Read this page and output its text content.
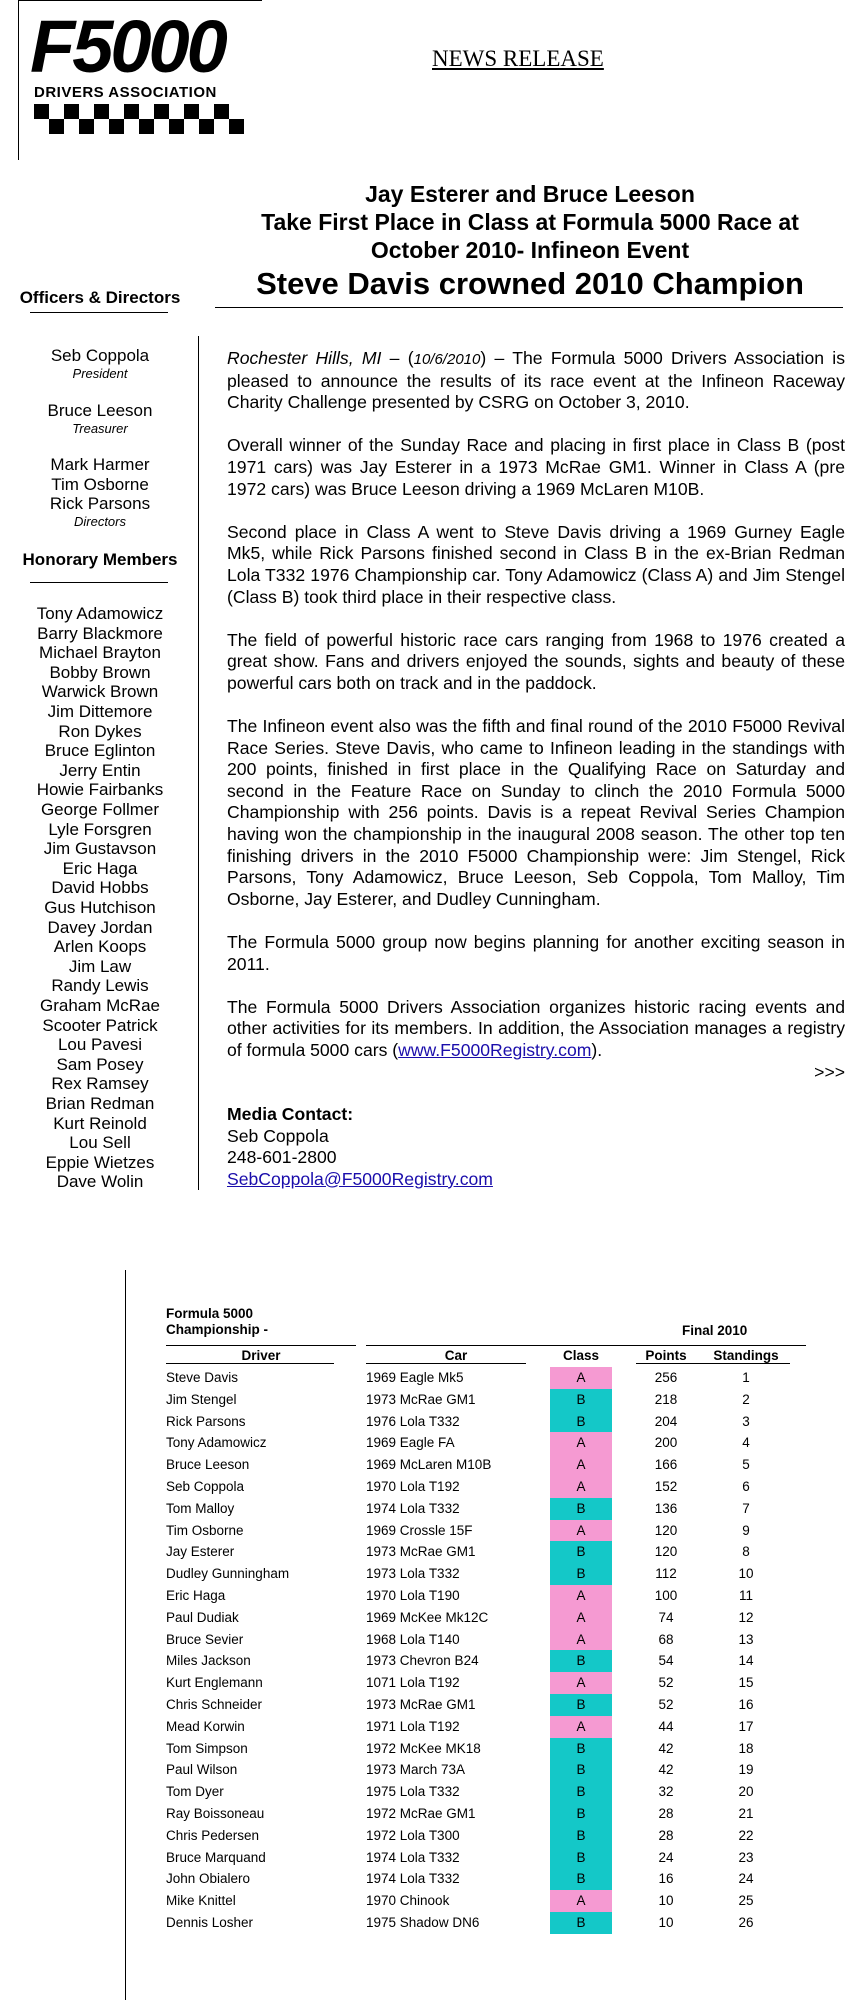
F5000
DRIVERS ASSOCIATION
NEWS RELEASE
Jay Esterer and Bruce Leeson
Take First Place in Class at Formula 5000 Race at
October 2010- Infineon Event
Steve Davis crowned 2010 Champion
Officers & Directors
Seb Coppola
President
Bruce Leeson
Treasurer
Mark Harmer
Tim Osborne
Rick Parsons
Directors
Honorary Members
Tony Adamowicz
Barry Blackmore
Michael Brayton
Bobby Brown
Warwick Brown
Jim Dittemore
Ron Dykes
Bruce Eglinton
Jerry Entin
Howie Fairbanks
George Follmer
Lyle Forsgren
Jim Gustavson
Eric Haga
David Hobbs
Gus Hutchison
Davey Jordan
Arlen Koops
Jim Law
Randy Lewis
Graham McRae
Scooter Patrick
Lou Pavesi
Sam Posey
Rex Ramsey
Brian Redman
Kurt Reinold
Lou Sell
Eppie Wietzes
Dave Wolin

Rochester Hills, MI – (10/6/2010) – The Formula 5000 Drivers Association is pleased to announce the results of its race event at the Infineon Raceway Charity Challenge presented by CSRG on October 3, 2010.

Overall winner of the Sunday Race and placing in first place in Class B (post 1971 cars) was Jay Esterer in a 1973 McRae GM1. Winner in Class A (pre 1972 cars) was Bruce Leeson driving a 1969 McLaren M10B.

Second place in Class A went to Steve Davis driving a 1969 Gurney Eagle Mk5, while Rick Parsons finished second in Class B in the ex-Brian Redman Lola T332 1976 Championship car. Tony Adamowicz (Class A) and Jim Stengel (Class B) took third place in their respective class.

The field of powerful historic race cars ranging from 1968 to 1976 created a great show. Fans and drivers enjoyed the sounds, sights and beauty of these powerful cars both on track and in the paddock.

The Infineon event also was the fifth and final round of the 2010 F5000 Revival Race Series. Steve Davis, who came to Infineon leading in the standings with 200 points, finished in first place in the Qualifying Race on Saturday and second in the Feature Race on Sunday to clinch the 2010 Formula 5000 Championship with 256 points. Davis is a repeat Revival Series Champion having won the championship in the inaugural 2008 season. The other top ten finishing drivers in the 2010 F5000 Championship were: Jim Stengel, Rick Parsons, Tony Adamowicz, Bruce Leeson, Seb Coppola, Tom Malloy, Tim Osborne, Jay Esterer, and Dudley Cunningham.

The Formula 5000 group now begins planning for another exciting season in 2011.

The Formula 5000 Drivers Association organizes historic racing events and other activities for its members. In addition, the Association manages a registry of formula 5000 cars (www.F5000Registry.com).

>>>

Media Contact:
Seb Coppola
248-601-2800
SebCoppola@F5000Registry.com
Formula 5000
Championship -	Final 2010
Driver	Car	Class	Points	Standings
Steve Davis	1969 Eagle Mk5	A	256	1
Jim Stengel	1973 McRae GM1	B	218	2
Rick Parsons	1976 Lola T332	B	204	3
Tony Adamowicz	1969 Eagle FA	A	200	4
Bruce Leeson	1969 McLaren M10B	A	166	5
Seb Coppola	1970 Lola T192	A	152	6
Tom Malloy	1974 Lola T332	B	136	7
Tim Osborne	1969 Crossle 15F	A	120	9
Jay Esterer	1973 McRae GM1	B	120	8
Dudley Gunningham	1973 Lola T332	B	112	10
Eric Haga	1970 Lola T190	A	100	11
Paul Dudiak	1969 McKee Mk12C	A	74	12
Bruce Sevier	1968 Lola T140	A	68	13
Miles Jackson	1973 Chevron B24	B	54	14
Kurt Englemann	1071 Lola T192	A	52	15
Chris Schneider	1973 McRae GM1	B	52	16
Mead Korwin	1971 Lola T192	A	44	17
Tom Simpson	1972 McKee MK18	B	42	18
Paul Wilson	1973 March 73A	B	42	19
Tom Dyer	1975 Lola T332	B	32	20
Ray Boissoneau	1972 McRae GM1	B	28	21
Chris Pedersen	1972 Lola T300	B	28	22
Bruce Marquand	1974 Lola T332	B	24	23
John Obialero	1974 Lola T332	B	16	24
Mike Knittel	1970 Chinook	A	10	25
Dennis Losher	1975 Shadow DN6	B	10	26
